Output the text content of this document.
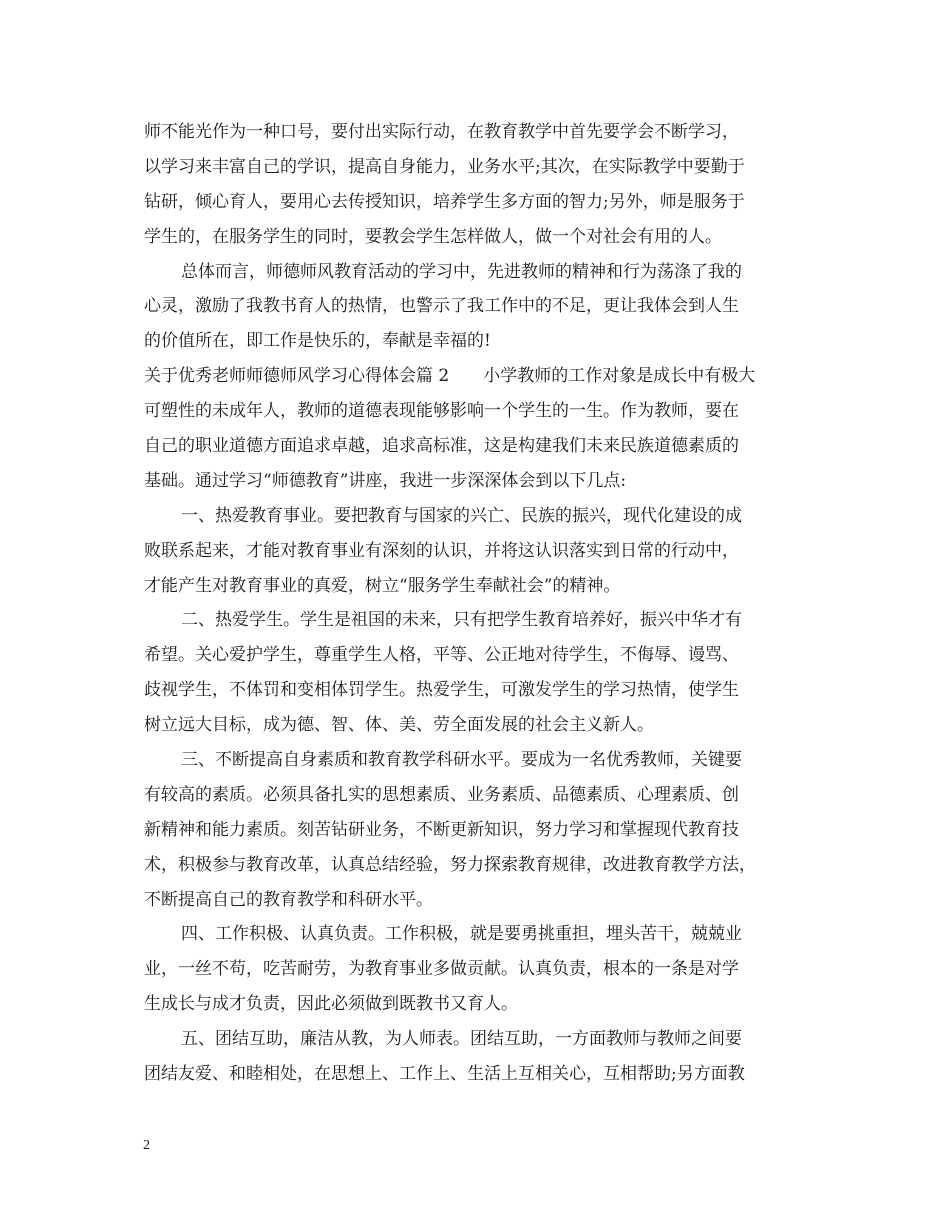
师不能光作为一种口号，要付出实际行动，在教育教学中首先要学会不断学习，
以学习来丰富自己的学识，提高自身能力，业务水平;其次，在实际教学中要勤于
钻研，倾心育人，要用心去传授知识，培养学生多方面的智力;另外，师是服务于
学生的，在服务学生的同时，要教会学生怎样做人，做一个对社会有用的人。
总体而言，师德师风教育活动的学习中，先进教师的精神和行为荡涤了我的
心灵，激励了我教书育人的热情，也警示了我工作中的不足，更让我体会到人生
的价值所在，即工作是快乐的，奉献是幸福的!
关于优秀老师师德师风学习心得体会篇 2　　小学教师的工作对象是成长中有极大
可塑性的未成年人，教师的道德表现能够影响一个学生的一生。作为教师，要在
自己的职业道德方面追求卓越，追求高标准，这是构建我们未来民族道德素质的
基础。通过学习“师德教育”讲座，我进一步深深体会到以下几点:
一、热爱教育事业。要把教育与国家的兴亡、民族的振兴，现代化建设的成
败联系起来，才能对教育事业有深刻的认识，并将这认识落实到日常的行动中，
才能产生对教育事业的真爱，树立“服务学生奉献社会”的精神。
二、热爱学生。学生是祖国的未来，只有把学生教育培养好，振兴中华才有
希望。关心爱护学生，尊重学生人格，平等、公正地对待学生，不侮辱、谩骂、
歧视学生，不体罚和变相体罚学生。热爱学生，可激发学生的学习热情，使学生
树立远大目标，成为德、智、体、美、劳全面发展的社会主义新人。
三、不断提高自身素质和教育教学科研水平。要成为一名优秀教师，关键要
有较高的素质。必须具备扎实的思想素质、业务素质、品德素质、心理素质、创
新精神和能力素质。刻苦钻研业务，不断更新知识，努力学习和掌握现代教育技
术，积极参与教育改革，认真总结经验，努力探索教育规律，改进教育教学方法，
不断提高自己的教育教学和科研水平。
四、工作积极、认真负责。工作积极，就是要勇挑重担，埋头苦干，兢兢业
业，一丝不苟，吃苦耐劳，为教育事业多做贡献。认真负责，根本的一条是对学
生成长与成才负责，因此必须做到既教书又育人。
五、团结互助，廉洁从教，为人师表。团结互助，一方面教师与教师之间要
团结友爱、和睦相处，在思想上、工作上、生活上互相关心，互相帮助;另方面教
2
